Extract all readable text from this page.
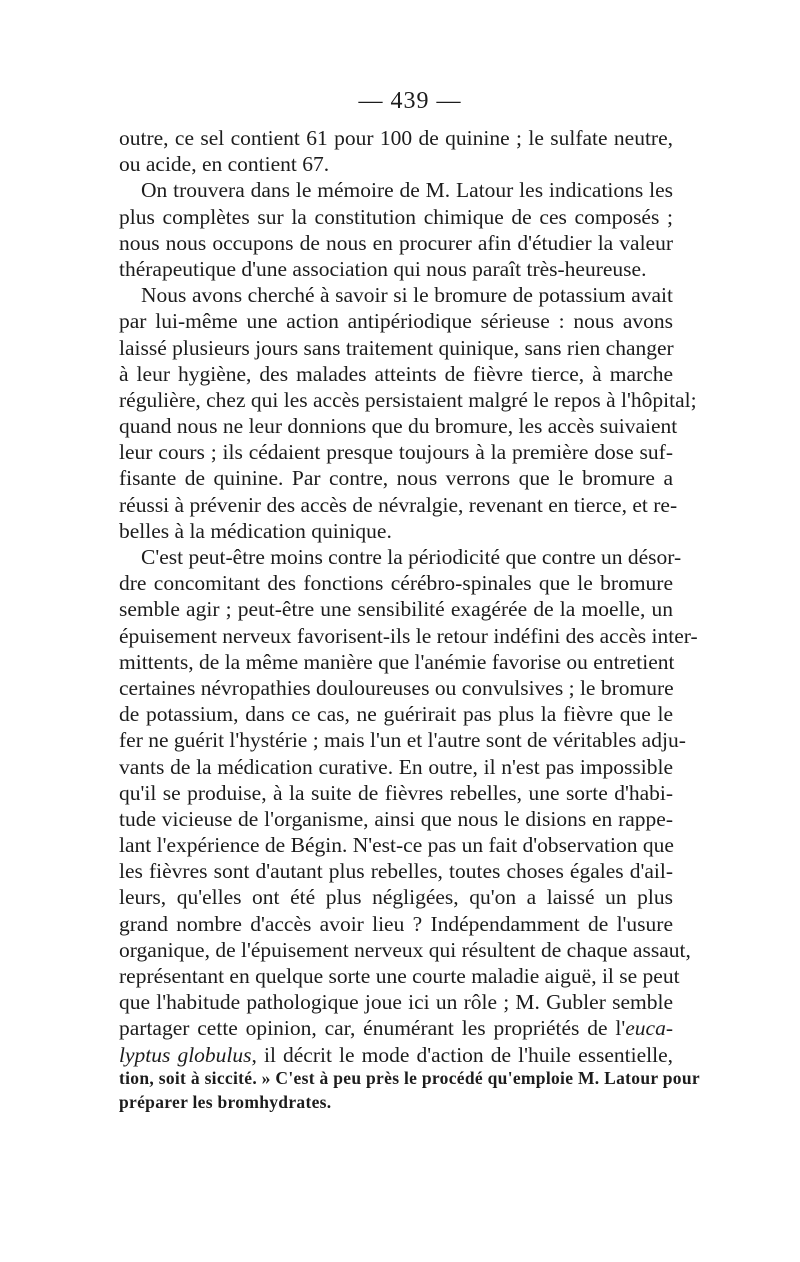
— 439 —
outre, ce sel contient 61 pour 100 de quinine ; le sulfate neutre,
ou acide, en contient 67.
On trouvera dans le mémoire de M. Latour les indications les
plus complètes sur la constitution chimique de ces composés ;
nous nous occupons de nous en procurer afin d'étudier la valeur
thérapeutique d'une association qui nous paraît très-heureuse.
Nous avons cherché à savoir si le bromure de potassium avait
par lui-même une action antipériodique sérieuse : nous avons
laissé plusieurs jours sans traitement quinique, sans rien changer
à leur hygiène, des malades atteints de fièvre tierce, à marche
régulière, chez qui les accès persistaient malgré le repos à l'hôpital;
quand nous ne leur donnions que du bromure, les accès suivaient
leur cours ; ils cédaient presque toujours à la première dose suf-
fisante de quinine. Par contre, nous verrons que le bromure a
réussi à prévenir des accès de névralgie, revenant en tierce, et re-
belles à la médication quinique.
C'est peut-être moins contre la périodicité que contre un désor-
dre concomitant des fonctions cérébro-spinales que le bromure
semble agir ; peut-être une sensibilité exagérée de la moelle, un
épuisement nerveux favorisent-ils le retour indéfini des accès inter-
mittents, de la même manière que l'anémie favorise ou entretient
certaines névropathies douloureuses ou convulsives ; le bromure
de potassium, dans ce cas, ne guérirait pas plus la fièvre que le
fer ne guérit l'hystérie ; mais l'un et l'autre sont de véritables adju-
vants de la médication curative. En outre, il n'est pas impossible
qu'il se produise, à la suite de fièvres rebelles, une sorte d'habi-
tude vicieuse de l'organisme, ainsi que nous le disions en rappe-
lant l'expérience de Bégin. N'est-ce pas un fait d'observation que
les fièvres sont d'autant plus rebelles, toutes choses égales d'ail-
leurs, qu'elles ont été plus négligées, qu'on a laissé un plus
grand nombre d'accès avoir lieu ? Indépendamment de l'usure
organique, de l'épuisement nerveux qui résultent de chaque assaut,
représentant en quelque sorte une courte maladie aiguë, il se peut
que l'habitude pathologique joue ici un rôle ; M. Gubler semble
partager cette opinion, car, énumérant les propriétés de l'euca-
lyptus globulus, il décrit le mode d'action de l'huile essentielle,
tion, soit à siccité. » C'est à peu près le procédé qu'emploie M. Latour pour
préparer les bromhydrates.
